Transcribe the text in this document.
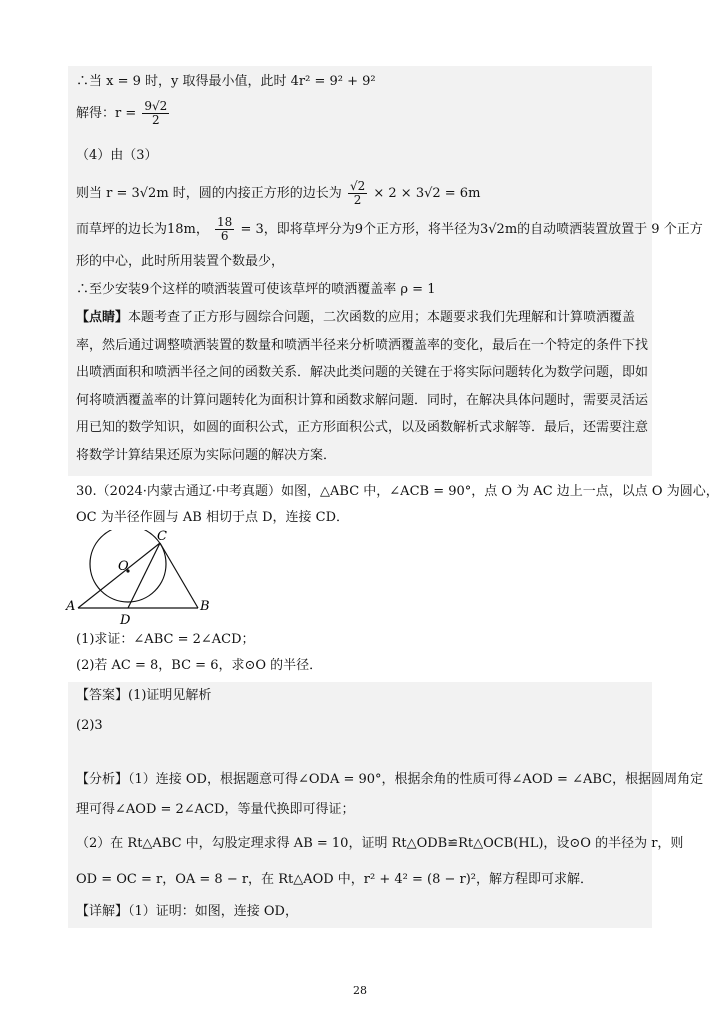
∴当 x = 9 时，y 取得最小值，此时 4r² = 9² + 9²
解得：$r = \frac{9√2}{2}$
（4）由（3）
则当 r = 3√2m 时，圆的内接正方形的边长为 $\frac{√2}{2} \times 2 \times 3√2 = 6m$
而草坪的边长为18m， $\frac{18}{6} = 3$，即将草坪分为9个正方形，将半径为3√2m的自动喷洒装置放置于 9 个正方
形的中心，此时所用装置个数最少，
∴至少安装9个这样的喷洒装置可使该草坪的喷洒覆盖率 ρ = 1
【点睛】本题考查了正方形与圆综合问题，二次函数的应用；本题要求我们先理解和计算喷洒覆盖率，然后通过调整喷洒装置的数量和喷洒半径来分析喷洒覆盖率的变化，最后在一个特定的条件下找出喷洒面积和喷洒半径之间的函数关系．解决此类问题的关键在于将实际问题转化为数学问题，即如何将喷洒覆盖率的计算问题转化为面积计算和函数求解问题．同时，在解决具体问题时，需要灵活运用已知的数学知识，如圆的面积公式，正方形面积公式，以及函数解析式求解等．最后，还需要注意将数学计算结果还原为实际问题的解决方案．
30.（2024·内蒙古通辽·中考真题）如图，△ABC 中，∠ACB = 90°，点 O 为 AC 边上一点，以点 O 为圆心，
OC 为半径作圆与 AB 相切于点 D，连接 CD．
C
O
A	B
D
(1)求证：∠ABC = 2∠ACD；
(2)若 AC = 8，BC = 6，求⊙O 的半径．
【答案】(1)证明见解析
(2)3
【分析】（1）连接 OD，根据题意可得∠ODA = 90°，根据余角的性质可得∠AOD = ∠ABC，根据圆周角定
理可得∠AOD = 2∠ACD，等量代换即可得证；
（2）在 Rt△ABC 中，勾股定理求得 AB = 10，证明 Rt△ODB≌Rt△OCB(HL)，设⊙O 的半径为 r，则
OD = OC = r，OA = 8 − r，在 Rt△AOD 中，r² + 4² = (8 − r)²，解方程即可求解．
【详解】（1）证明：如图，连接 OD，
28
